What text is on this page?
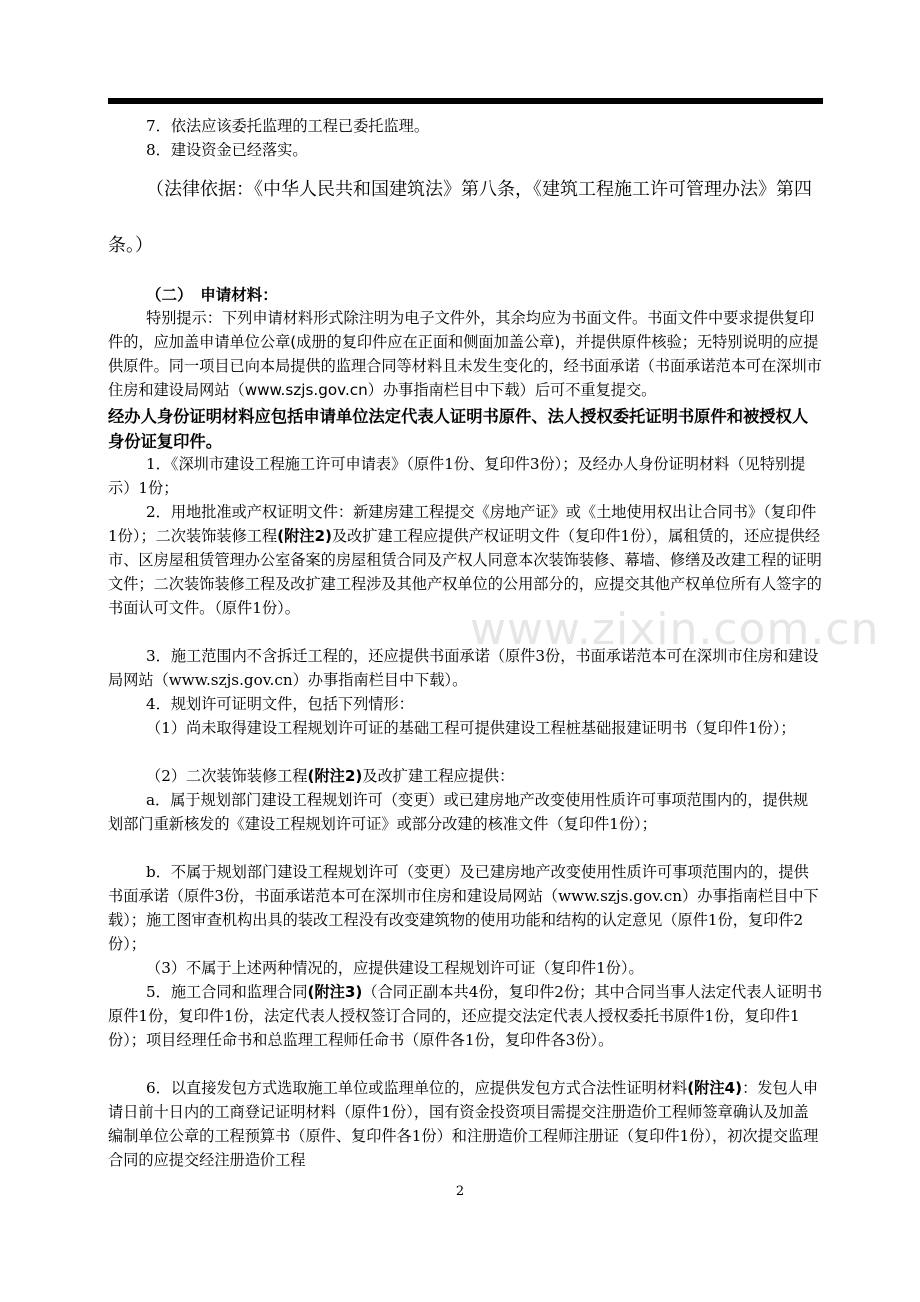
7．依法应该委托监理的工程已委托监理。

8．建设资金已经落实。

（法律依据：《中华人民共和国建筑法》第八条，《建筑工程施工许可管理办法》第四条。）

（二）　申请材料：

特别提示：下列申请材料形式除注明为电子文件外，其余均应为书面文件。书面文件中要求提供复印件的，应加盖申请单位公章(成册的复印件应在正面和侧面加盖公章)，并提供原件核验；无特别说明的应提供原件。同一项目已向本局提供的监理合同等材料且未发生变化的，经书面承诺（书面承诺范本可在深圳市住房和建设局网站（www.szjs.gov.cn）办事指南栏目中下载）后可不重复提交。

经办人身份证明材料应包括申请单位法定代表人证明书原件、法人授权委托证明书原件和被授权人身份证复印件。

1．《深圳市建设工程施工许可申请表》（原件1份、复印件3份）；及经办人身份证明材料（见特别提示）1份；

2．用地批准或产权证明文件：新建房建工程提交《房地产证》或《土地使用权出让合同书》（复印件1份）；二次装饰装修工程(附注2)及改扩建工程应提供产权证明文件（复印件1份），属租赁的，还应提供经市、区房屋租赁管理办公室备案的房屋租赁合同及产权人同意本次装饰装修、幕墙、修缮及改建工程的证明文件；二次装饰装修工程及改扩建工程涉及其他产权单位的公用部分的，应提交其他产权单位所有人签字的书面认可文件。（原件1份）。

3．施工范围内不含拆迁工程的，还应提供书面承诺（原件3份，书面承诺范本可在深圳市住房和建设局网站（www.szjs.gov.cn）办事指南栏目中下载）。

4．规划许可证明文件，包括下列情形：

（1）尚未取得建设工程规划许可证的基础工程可提供建设工程桩基础报建证明书（复印件1份）；

（2）二次装饰装修工程(附注2)及改扩建工程应提供：

a．属于规划部门建设工程规划许可（变更）或已建房地产改变使用性质许可事项范围内的，提供规划部门重新核发的《建设工程规划许可证》或部分改建的核准文件（复印件1份）；

b．不属于规划部门建设工程规划许可（变更）及已建房地产改变使用性质许可事项范围内的，提供书面承诺（原件3份，书面承诺范本可在深圳市住房和建设局网站（www.szjs.gov.cn）办事指南栏目中下载）；施工图审查机构出具的装改工程没有改变建筑物的使用功能和结构的认定意见（原件1份，复印件2份）；

（3）不属于上述两种情况的，应提供建设工程规划许可证（复印件1份）。

5．施工合同和监理合同(附注3)（合同正副本共4份，复印件2份；其中合同当事人法定代表人证明书原件1份，复印件1份，法定代表人授权签订合同的，还应提交法定代表人授权委托书原件1份，复印件1份）；项目经理任命书和总监理工程师任命书（原件各1份，复印件各3份）。

6．以直接发包方式选取施工单位或监理单位的，应提供发包方式合法性证明材料(附注4)：发包人申请日前十日内的工商登记证明材料（原件1份），国有资金投资项目需提交注册造价工程师签章确认及加盖编制单位公章的工程预算书（原件、复印件各1份）和注册造价工程师注册证（复印件1份），初次提交监理合同的应提交经注册造价工程

www.zixin.com.cn
2
